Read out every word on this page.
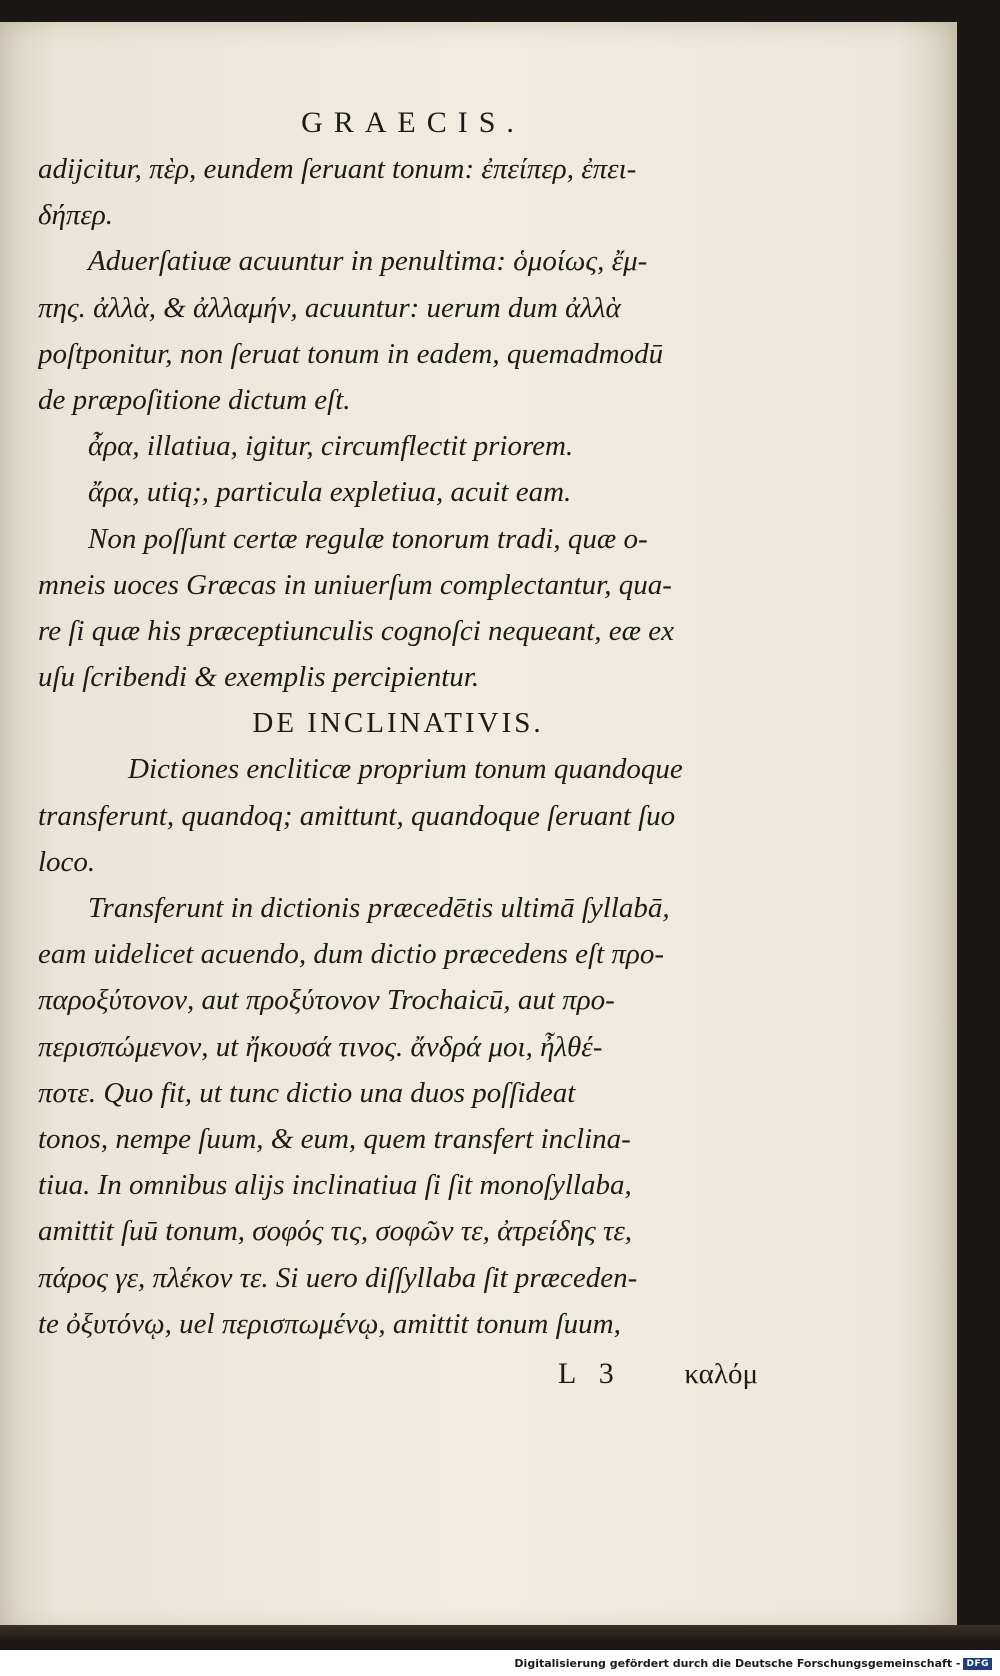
GRAECIS.
adijcitur, πὲρ, eundem ſeruant tonum: ἐπείπερ, ἐπει-
δήπερ.
Aduerſatiuæ acuuntur in penultima: ὁμοίως, ἔμ-
πης. ἀλλὰ, & ἀλλαμήν, acuuntur: uerum dum ἀλλὰ
poſtponitur, non ſeruat tonum in eadem, quemadmodū
de præpoſitione dictum eſt.
ἆρα, illatiua, igitur, circumflectit priorem.
ἄρα, utiq;, particula expletiua, acuit eam.
Non poſſunt certæ regulæ tonorum tradi, quæ o-
mneis uoces Græcas in uniuerſum complectantur, qua-
re ſi quæ his præceptiunculis cognoſci nequeant, eæ ex
uſu ſcribendi & exemplis percipientur.
DE INCLINATIVIS.
Dictiones encliticæ proprium tonum quandoque
transferunt, quandoq; amittunt, quandoque ſeruant ſuo
loco.
Transferunt in dictionis præcedētis ultimā ſyllabā,
eam uidelicet acuendo, dum dictio præcedens eſt προ-
παροξύτονον, aut προξύτονον Trochaicū, aut προ-
περισπώμενον, ut ἤκουσά τινος. ἄνδρά μοι, ἦλθέ-
ποτε. Quo fit, ut tunc dictio una duos poſſideat
tonos, nempe ſuum, & eum, quem transfert inclina-
tiua. In omnibus alijs inclinatiua ſi ſit monoſyllaba,
amittit ſuū tonum, σοφός τις, σοφῶν τε, ἀτρείδης τε,
πάρος γε, πλέκον τε. Si uero diſſyllaba ſit præceden-
te ὀξυτόνῳ, uel περισπωμένῳ, amittit tonum ſuum,
L 3 καλόμ
Digitalisierung gefördert durch die Deutsche Forschungsgemeinschaft - DFG
